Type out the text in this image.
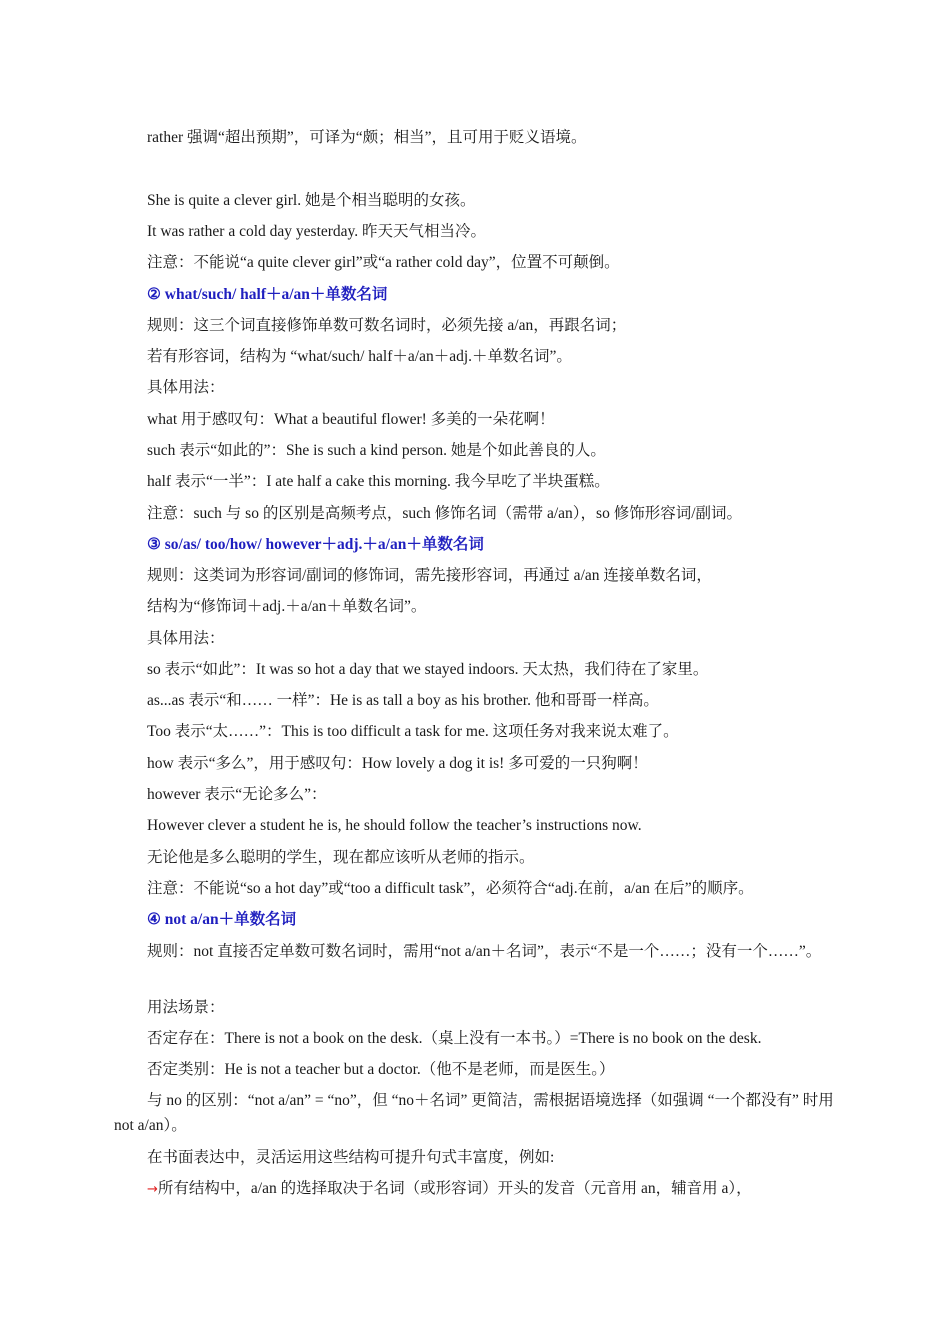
rather 强调“超出预期”，可译为“颇；相当”，且可用于贬义语境。
She is quite a clever girl. 她是个相当聪明的女孩。
It was rather a cold day yesterday. 昨天天气相当冷。
注意：不能说“a quite clever girl”或“a rather cold day”，位置不可颠倒。
② what/such/ half＋a/an＋单数名词
规则：这三个词直接修饰单数可数名词时，必须先接 a/an，再跟名词；
若有形容词，结构为 “what/such/ half＋a/an＋adj.＋单数名词”。
具体用法：
what 用于感叹句：What a beautiful flower! 多美的一朵花啊！
such 表示“如此的”：She is such a kind person. 她是个如此善良的人。
half 表示“一半”：I ate half a cake this morning. 我今早吃了半块蛋糕。
注意：such 与 so 的区别是高频考点，such 修饰名词（需带 a/an），so 修饰形容词/副词。
③ so/as/ too/how/ however＋adj.＋a/an＋单数名词
规则：这类词为形容词/副词的修饰词，需先接形容词，再通过 a/an 连接单数名词，
结构为“修饰词＋adj.＋a/an＋单数名词”。
具体用法：
so 表示“如此”：It was so hot a day that we stayed indoors. 天太热，我们待在了家里。
as...as 表示“和…… 一样”：He is as tall a boy as his brother. 他和哥哥一样高。
Too 表示“太……”：This is too difficult a task for me. 这项任务对我来说太难了。
how 表示“多么”，用于感叹句：How lovely a dog it is! 多可爱的一只狗啊！
however 表示“无论多么”：
However clever a student he is, he should follow the teacher’s instructions now.
无论他是多么聪明的学生，现在都应该听从老师的指示。
注意：不能说“so a hot day”或“too a difficult task”，必须符合“adj.在前，a/an 在后”的顺序。
④ not a/an＋单数名词
规则：not 直接否定单数可数名词时，需用“not a/an＋名词”，表示“不是一个……；没有一个……”。
用法场景：
否定存在：There is not a book on the desk.（桌上没有一本书。）=There is no book on the desk.
否定类别：He is not a teacher but a doctor.（他不是老师，而是医生。）
与 no 的区别：“not a/an” = “no”，但 “no＋名词” 更简洁，需根据语境选择（如强调 “一个都没有” 时用 not a/an）。
在书面表达中，灵活运用这些结构可提升句式丰富度，例如:
→所有结构中，a/an 的选择取决于名词（或形容词）开头的发音（元音用 an，辅音用 a），
